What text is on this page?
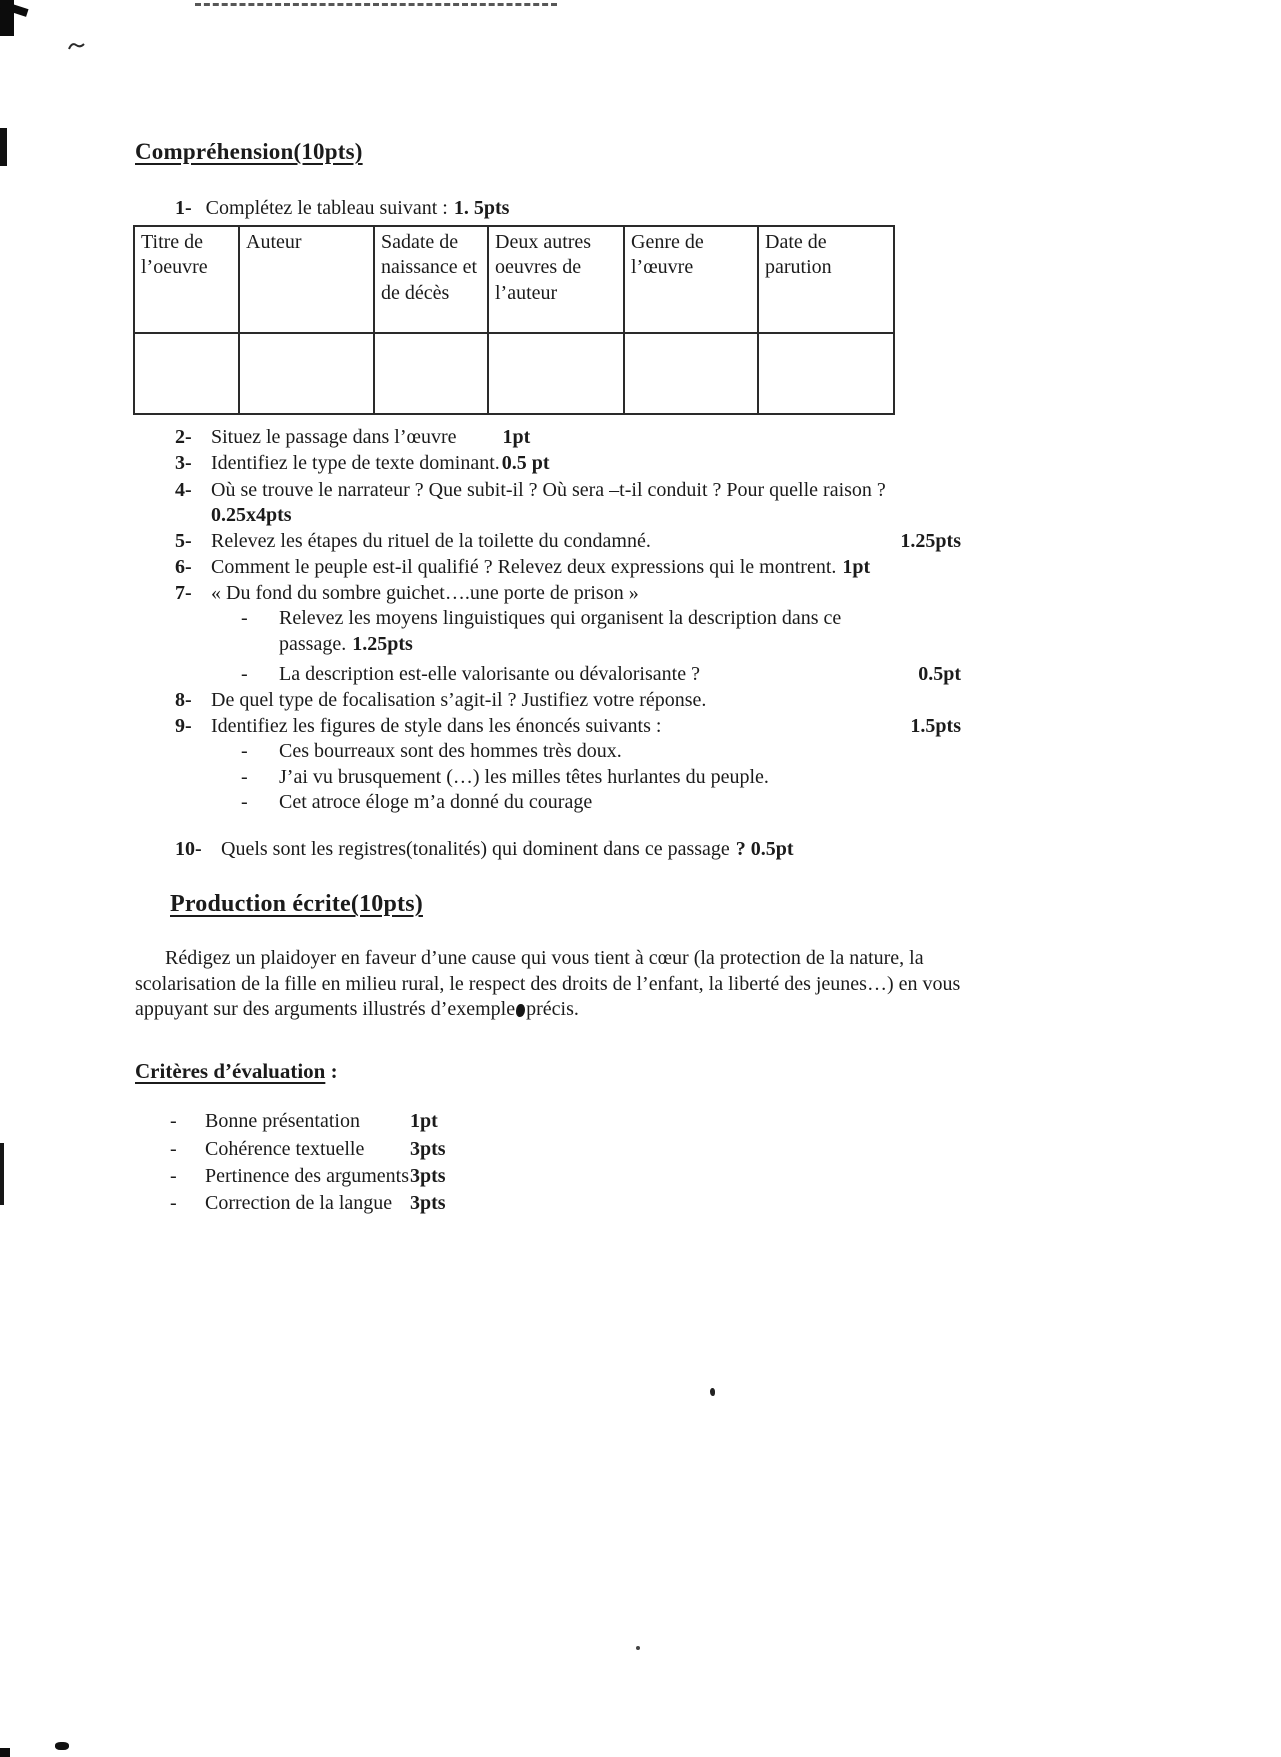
Compréhension(10pts)
1- Complétez le tableau suivant : 1. 5pts
Titre de l’oeuvre	Auteur	Sadate de naissance et de décès	Deux autres oeuvres de l’auteur	Genre de l’œuvre	Date de parution

2- Situez le passage dans l’œuvre 1pt
3- Identifiez le type de texte dominant. 0.5 pt
4- Où se trouve le narrateur ? Que subit-il ? Où sera –t-il conduit ? Pour quelle raison ?
0.25x4pts
5- Relevez les étapes du rituel de la toilette du condamné.	1.25pts
6- Comment le peuple est-il qualifié ? Relevez deux expressions qui le montrent. 1pt
7- « Du fond du sombre guichet….une porte de prison »
-	Relevez les moyens linguistiques qui organisent la description dans ce passage. 1.25pts
-	La description est-elle valorisante ou dévalorisante ?	0.5pt
8- De quel type de focalisation s’agit-il ? Justifiez votre réponse.
9- Identifiez les figures de style dans les énoncés suivants :	1.5pts
-	Ces bourreaux sont des hommes très doux.
-	J’ai vu brusquement (…) les milles têtes hurlantes du peuple.
-	Cet atroce éloge m’a donné du courage
10- Quels sont les registres(tonalités) qui dominent dans ce passage ? 0.5pt
Production écrite(10pts)

Rédigez un plaidoyer en faveur d’une cause qui vous tient à cœur (la protection de la nature, la scolarisation de la fille en milieu rural, le respect des droits de l’enfant, la liberté des jeunes…) en vous appuyant sur des arguments illustrés d’exemple précis.

Critères d’évaluation :
-	Bonne présentation	1pt
-	Cohérence textuelle	3pts
-	Pertinence des arguments 3pts
-	Correction de la langue 3pts
